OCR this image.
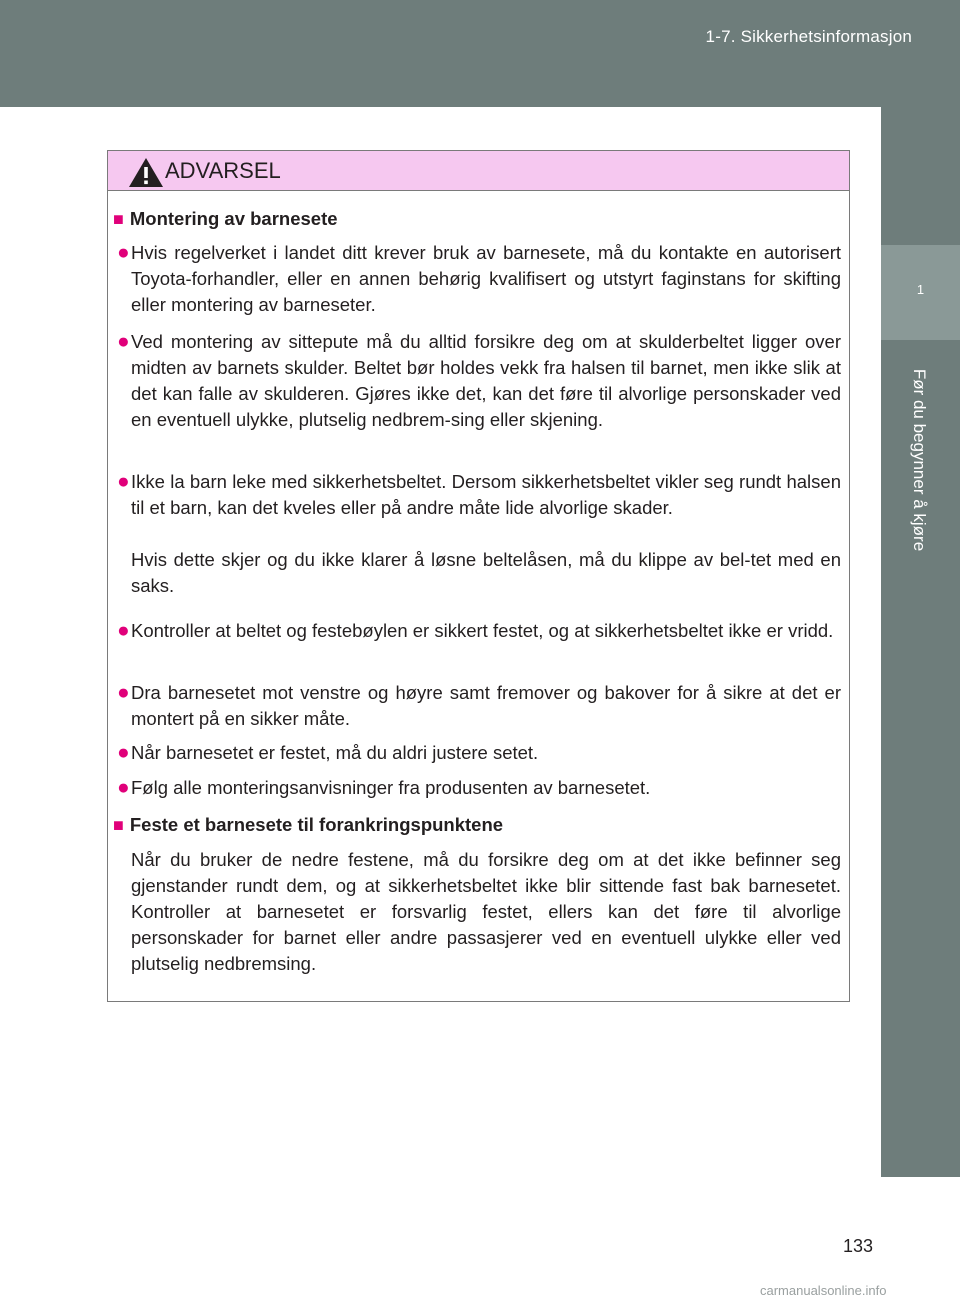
1-7. Sikkerhetsinformasjon
1
Før du begynner å kjøre
ADVARSEL
■ Montering av barnesete
● Hvis regelverket i landet ditt krever bruk av barnesete, må du kontakte en autorisert Toyota-forhandler, eller en annen behørig kvalifisert og utstyrt faginstans for skifting eller montering av barneseter.
● Ved montering av sittepute må du alltid forsikre deg om at skulderbeltet ligger over midten av barnets skulder. Beltet bør holdes vekk fra halsen til barnet, men ikke slik at det kan falle av skulderen. Gjøres ikke det, kan det føre til alvorlige personskader ved en eventuell ulykke, plutselig nedbrem-sing eller skjening.
● Ikke la barn leke med sikkerhetsbeltet. Dersom sikkerhetsbeltet vikler seg rundt halsen til et barn, kan det kveles eller på andre måte lide alvorlige skader.
Hvis dette skjer og du ikke klarer å løsne beltelåsen, må du klippe av bel-tet med en saks.
● Kontroller at beltet og festebøylen er sikkert festet, og at sikkerhetsbeltet ikke er vridd.
● Dra barnesetet mot venstre og høyre samt fremover og bakover for å sikre at det er montert på en sikker måte.
● Når barnesetet er festet, må du aldri justere setet.
● Følg alle monteringsanvisninger fra produsenten av barnesetet.
■ Feste et barnesete til forankringspunktene
Når du bruker de nedre festene, må du forsikre deg om at det ikke befinner seg gjenstander rundt dem, og at sikkerhetsbeltet ikke blir sittende fast bak barnesetet. Kontroller at barnesetet er forsvarlig festet, ellers kan det føre til alvorlige personskader for barnet eller andre passasjerer ved en eventuell ulykke eller ved plutselig nedbremsing.
133
carmanualsonline.info
